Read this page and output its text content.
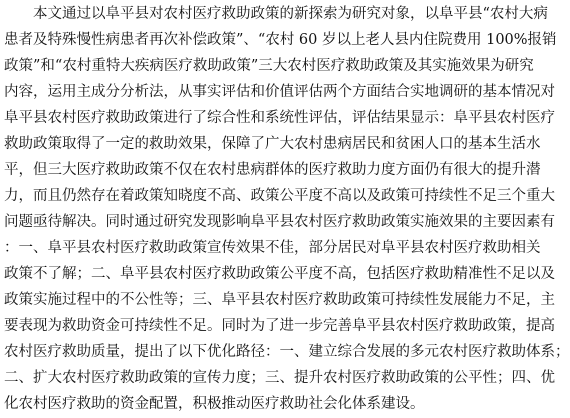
本文通过以阜平县对农村医疗救助政策的新探索为研究对象，以阜平县“农村大病
患者及特殊慢性病患者再次补偿政策”、“农村 60 岁以上老人县内住院费用 100%报销
政策”和“农村重特大疾病医疗救助政策”三大农村医疗救助政策及其实施效果为研究
内容，运用主成分分析法，从事实评估和价值评估两个方面结合实地调研的基本情况对
阜平县农村医疗救助政策进行了综合性和系统性评估，评估结果显示：阜平县农村医疗
救助政策取得了一定的救助效果，保障了广大农村患病居民和贫困人口的基本生活水
平，但三大医疗救助政策不仅在农村患病群体的医疗救助力度方面仍有很大的提升潜
力，而且仍然存在着政策知晓度不高、政策公平度不高以及政策可持续性不足三个重大
问题亟待解决。同时通过研究发现影响阜平县农村医疗救助政策实施效果的主要因素有
：一、阜平县农村医疗救助政策宣传效果不佳，部分居民对阜平县农村医疗救助相关
政策不了解；二、阜平县农村医疗救助政策公平度不高，包括医疗救助精准性不足以及
政策实施过程中的不公性等；三、阜平县农村医疗救助政策可持续性发展能力不足，主
要表现为救助资金可持续性不足。同时为了进一步完善阜平县农村医疗救助政策，提高
农村医疗救助质量，提出了以下优化路径：一、建立综合发展的多元农村医疗救助体系；
二、扩大农村医疗救助政策的宣传力度；三、提升农村医疗救助政策的公平性；四、优
化农村医疗救助的资金配置，积极推动医疗救助社会化体系建设。
